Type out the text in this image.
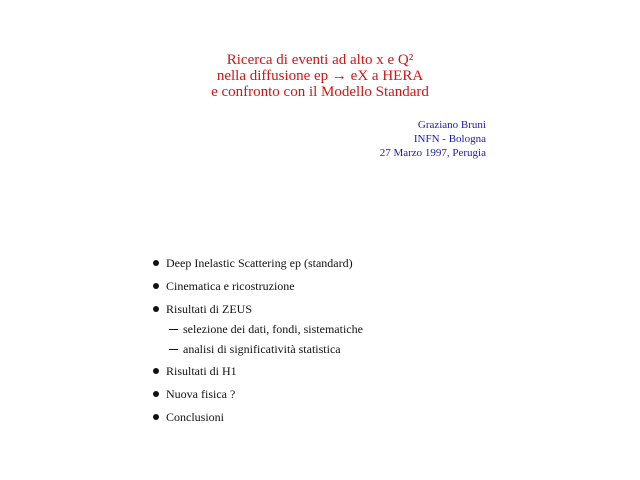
Ricerca di eventi ad alto x e Q²
nella diffusione ep → eX a HERA
e confronto con il Modello Standard
Graziano Bruni
INFN - Bologna
27 Marzo 1997, Perugia
Deep Inelastic Scattering ep (standard)
Cinematica e ricostruzione
Risultati di ZEUS
selezione dei dati, fondi, sistematiche
analisi di significatività statistica
Risultati di H1
Nuova fisica ?
Conclusioni
